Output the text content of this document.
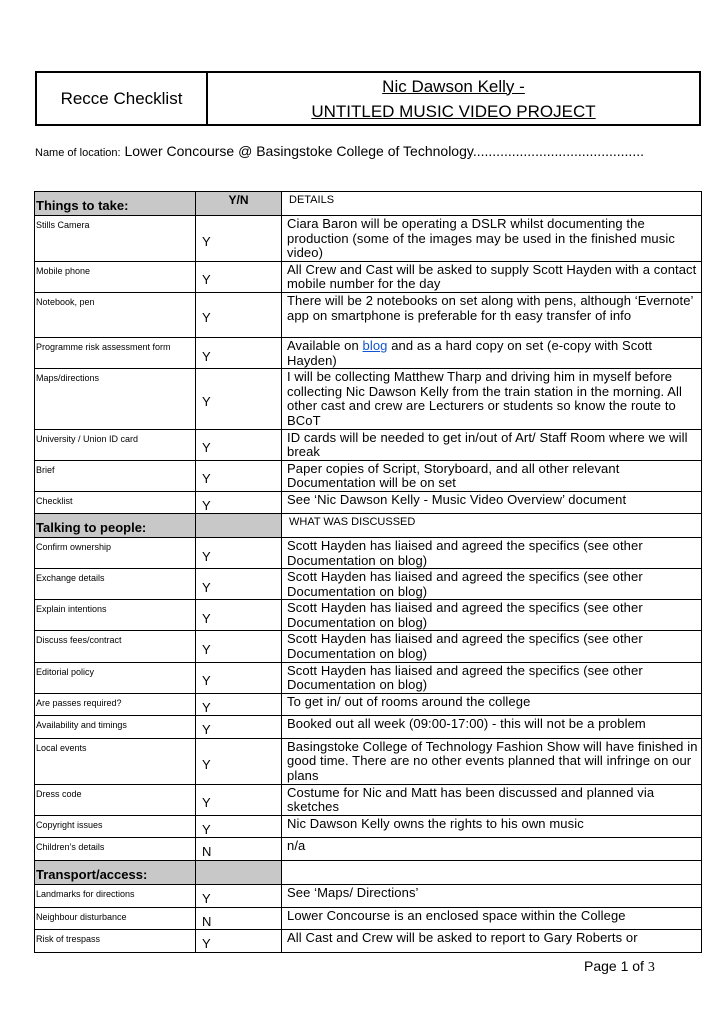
Recce Checklist
Nic Dawson Kelly -
UNTITLED MUSIC VIDEO PROJECT
Name of location: Lower Concourse @ Basingstoke College of Technology............................................
Things to take:	Y/N	DETAILS
Stills Camera	Y	Ciara Baron will be operating a DSLR whilst documenting the production (some of the images may be used in the finished music video)
Mobile phone	Y	All Crew and Cast will be asked to supply Scott Hayden with a contact mobile number for the day
Notebook, pen	Y	There will be 2 notebooks on set along with pens, although ‘Evernote’ app on smartphone is preferable for th easy transfer of info
Programme risk assessment form	Y	Available on blog and as a hard copy on set (e-copy with Scott Hayden)
Maps/directions	Y	I will be collecting Matthew Tharp and driving him in myself before collecting Nic Dawson Kelly from the train station in the morning. All other cast and crew are Lecturers or students so know the route to BCoT
University / Union ID card	Y	ID cards will be needed to get in/out of Art/ Staff Room where we will break
Brief	Y	Paper copies of Script, Storyboard, and all other relevant Documentation will be on set
Checklist	Y	See ‘Nic Dawson Kelly - Music Video Overview’ document
Talking to people:		WHAT WAS DISCUSSED
Confirm ownership	Y	Scott Hayden has liaised and agreed the specifics (see other Documentation on blog)
Exchange details	Y	Scott Hayden has liaised and agreed the specifics (see other Documentation on blog)
Explain intentions	Y	Scott Hayden has liaised and agreed the specifics (see other Documentation on blog)
Discuss fees/contract	Y	Scott Hayden has liaised and agreed the specifics (see other Documentation on blog)
Editorial policy	Y	Scott Hayden has liaised and agreed the specifics (see other Documentation on blog)
Are passes required?	Y	To get in/ out of rooms around the college
Availability and timings	Y	Booked out all week (09:00-17:00) - this will not be a problem
Local events	Y	Basingstoke College of Technology Fashion Show will have finished in good time. There are no other events planned that will infringe on our plans
Dress code	Y	Costume for Nic and Matt has been discussed and planned via sketches
Copyright issues	Y	Nic Dawson Kelly owns the rights to his own music
Children’s details	N	n/a
Transport/access:		
Landmarks for directions	Y	See ‘Maps/ Directions’
Neighbour disturbance	N	Lower Concourse is an enclosed space within the College
Risk of trespass	Y	All Cast and Crew will be asked to report to Gary Roberts or
Page 1 of 3
